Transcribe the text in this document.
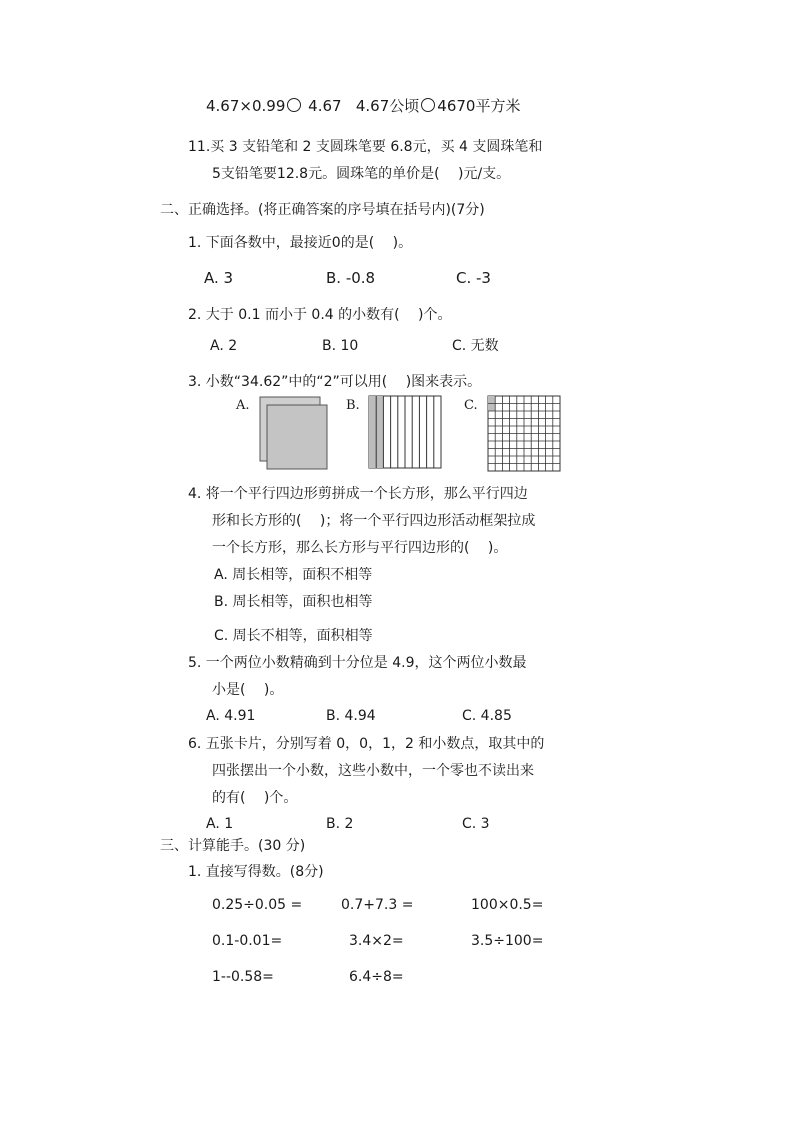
4.67×0.99 4.67 4.67公顷 4670平方米
11.买 3 支铅笔和 2 支圆珠笔要 6.8元，买 4 支圆珠笔和
5支铅笔要12.8元。圆珠笔的单价是(　 )元/支。
二、正确选择。(将正确答案的序号填在括号内)(7分)
1. 下面各数中，最接近0的是(　 )。
A. 3	B. -0.8	C. -3
2. 大于 0.1 而小于 0.4 的小数有(　 )个。
A. 2	B. 10	C. 无数
3. 小数“34.62”中的“2”可以用(　 )图来表示。
A.	B.	C.
4. 将一个平行四边形剪拼成一个长方形，那么平行四边
形和长方形的(　 )；将一个平行四边形活动框架拉成
一个长方形，那么长方形与平行四边形的(　 )。
A. 周长相等，面积不相等
B. 周长相等，面积也相等
C. 周长不相等，面积相等
5. 一个两位小数精确到十分位是 4.9，这个两位小数最
小是(　 )。
A. 4.91	B. 4.94	C. 4.85
6. 五张卡片，分别写着 0，0，1，2 和小数点，取其中的
四张摆出一个小数，这些小数中，一个零也不读出来
的有(　 )个。
A. 1	B. 2	C. 3
三、计算能手。(30 分)
1. 直接写得数。(8分)
0.25÷0.05 =	0.7+7.3 =	100×0.5=
0.1-0.01=	3.4×2=	3.5÷100=
1--0.58=	6.4÷8=
